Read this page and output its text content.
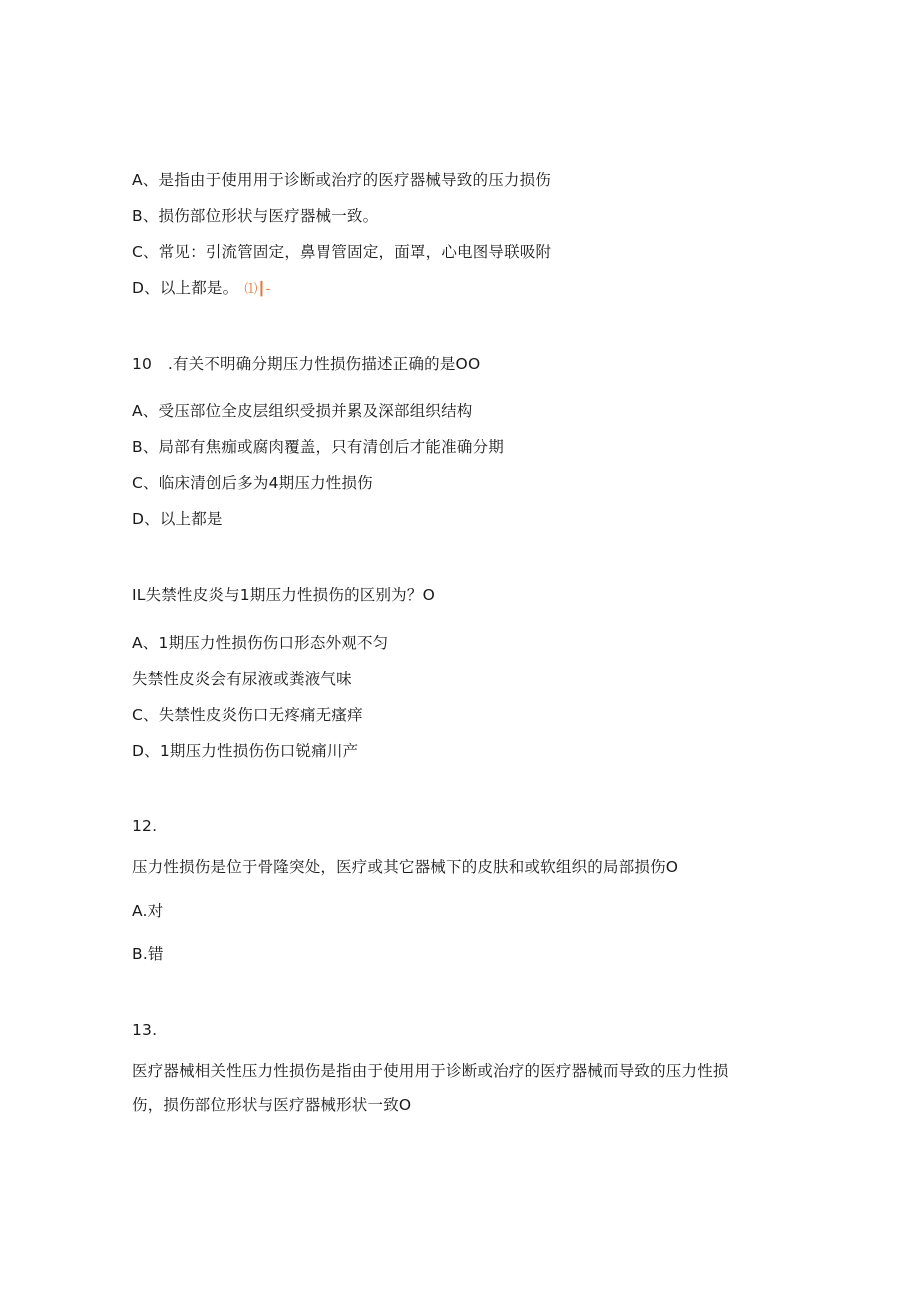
A、是指由于使用用于诊断或治疗的医疗器械导致的压力损伤
B、损伤部位形状与医疗器械一致。
C、常见：引流管固定，鼻胃管固定，面罩，心电图导联吸附
D、以上都是。 ⑴┃-
10　.有关不明确分期压力性损伤描述正确的是OO
A、受压部位全皮层组织受损并累及深部组织结构
B、局部有焦痂或腐肉覆盖，只有清创后才能准确分期
C、临床清创后多为4期压力性损伤
D、以上都是
IL失禁性皮炎与1期压力性损伤的区别为？O
A、1期压力性损伤伤口形态外观不匀
失禁性皮炎会有尿液或粪液气味
C、失禁性皮炎伤口无疼痛无瘙痒
D、1期压力性损伤伤口锐痛川产
12.
压力性损伤是位于骨隆突处，医疗或其它器械下的皮肤和或软组织的局部损伤O
A.对
B.错
13.
医疗器械相关性压力性损伤是指由于使用用于诊断或治疗的医疗器械而导致的压力性损
伤，损伤部位形状与医疗器械形状一致O
